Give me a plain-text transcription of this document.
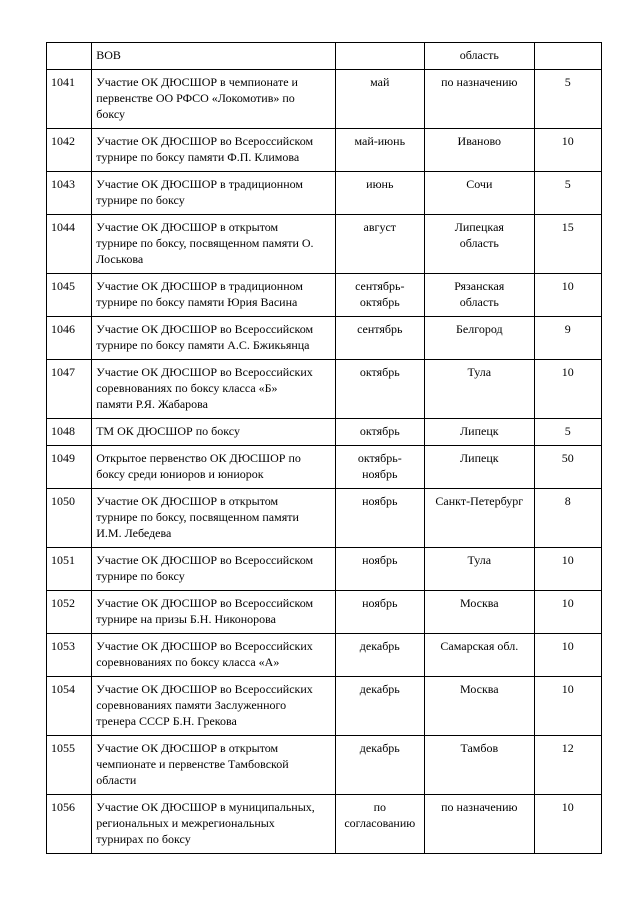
	ВОВ		область	
1041	Участие ОК ДЮСШОР в чемпионате и
первенстве ОО РФСО «Локомотив» по
боксу	май	по назначению	5
1042	Участие ОК ДЮСШОР во Всероссийском
турнире по боксу памяти Ф.П. Климова	май-июнь	Иваново	10
1043	Участие ОК ДЮСШОР в традиционном
турнире по боксу	июнь	Сочи	5
1044	Участие ОК ДЮСШОР в открытом
турнире по боксу, посвященном памяти О.
Лоськова	август	Липецкая
область	15
1045	Участие ОК ДЮСШОР в традиционном
турнире по боксу памяти Юрия Васина	сентябрь-
октябрь	Рязанская
область	10
1046	Участие ОК ДЮСШОР во Всероссийском
турнире по боксу памяти А.С. Бжикьянца	сентябрь	Белгород	9
1047	Участие ОК ДЮСШОР во Всероссийских
соревнованиях по боксу класса «Б»
памяти Р.Я. Жабарова	октябрь	Тула	10
1048	ТМ ОК ДЮСШОР по боксу	октябрь	Липецк	5
1049	Открытое первенство ОК ДЮСШОР по
боксу среди юниоров и юниорок	октябрь-
ноябрь	Липецк	50
1050	Участие ОК ДЮСШОР в открытом
турнире по боксу, посвященном памяти
И.М. Лебедева	ноябрь	Санкт-Петербург	8
1051	Участие ОК ДЮСШОР во Всероссийском
турнире по боксу	ноябрь	Тула	10
1052	Участие ОК ДЮСШОР во Всероссийском
турнире на призы Б.Н. Никонорова	ноябрь	Москва	10
1053	Участие ОК ДЮСШОР во Всероссийских
соревнованиях по боксу класса «А»	декабрь	Самарская обл.	10
1054	Участие ОК ДЮСШОР во Всероссийских
соревнованиях памяти Заслуженного
тренера СССР Б.Н. Грекова	декабрь	Москва	10
1055	Участие ОК ДЮСШОР в открытом
чемпионате и первенстве Тамбовской
области	декабрь	Тамбов	12
1056	Участие ОК ДЮСШОР в муниципальных,
региональных и межрегиональных
турнирах по боксу	по
согласованию	по назначению	10
